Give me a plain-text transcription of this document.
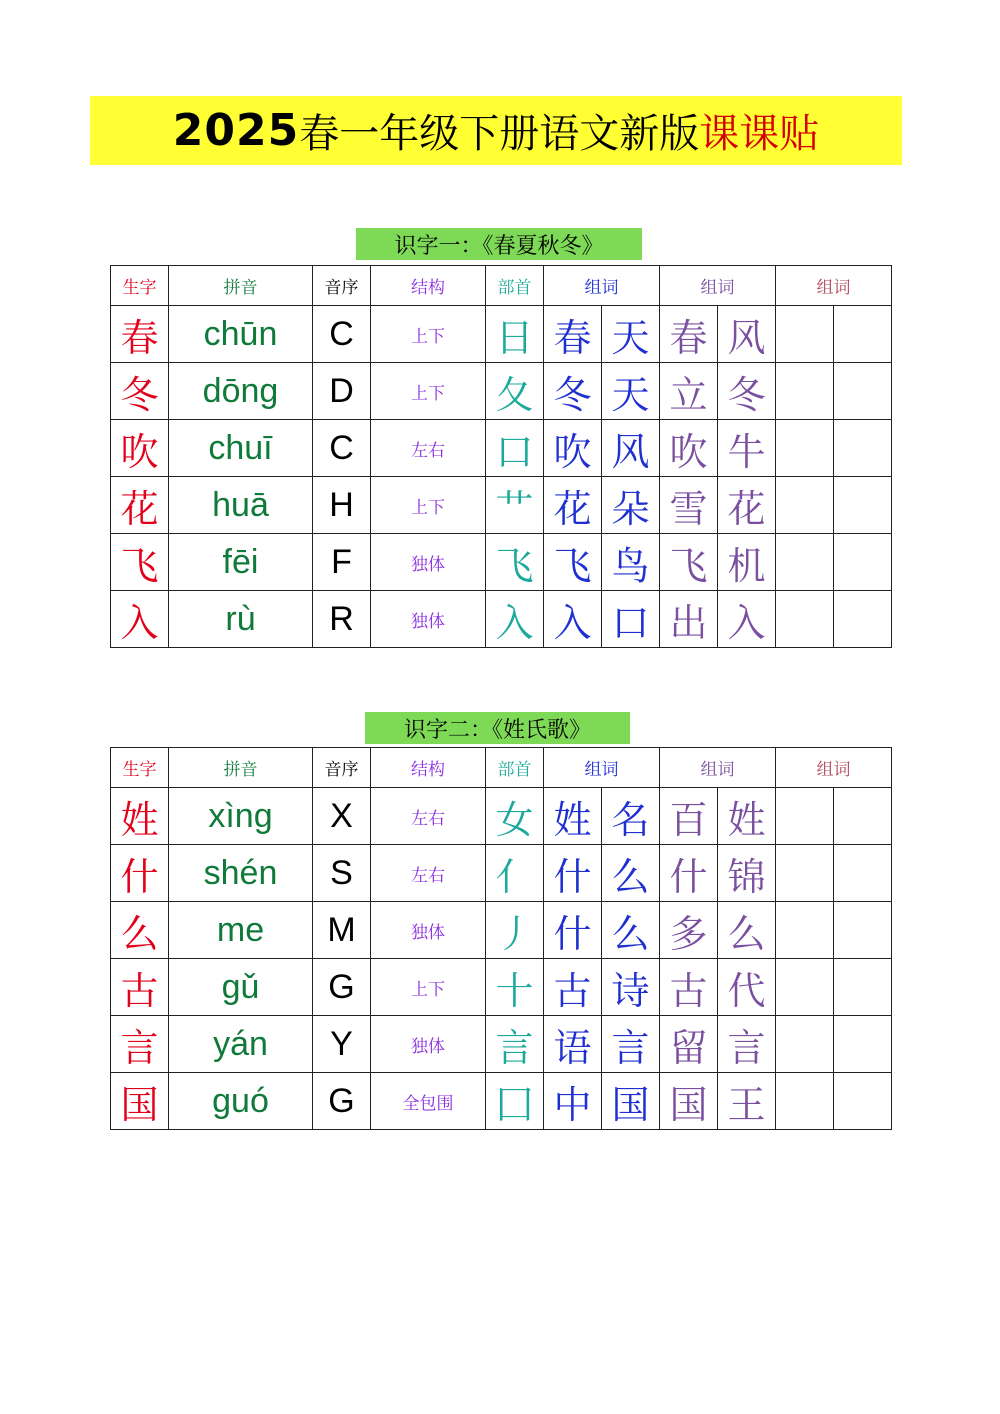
2025 春一年级下册语文新版 课课贴
识字一：《春夏秋冬》
生字	拼音	音序	结构	部首	组词		组词		组词	
春	chūn	C	上下	日	春	天	春	风		
冬	dōng	D	上下	夂	冬	天	立	冬		
吹	chuī	C	左右	口	吹	风	吹	牛		
花	huā	H	上下	艹	花	朵	雪	花		
飞	fēi	F	独体	飞	飞	鸟	飞	机		
入	rù	R	独体	入	入	口	出	入		
识字二：《姓氏歌》
生字	拼音	音序	结构	部首	组词		组词		组词	
姓	xìng	X	左右	女	姓	名	百	姓		
什	shén	S	左右	亻	什	么	什	锦		
么	me	M	独体	丿	什	么	多	么		
古	gǔ	G	上下	十	古	诗	古	代		
言	yán	Y	独体	言	语	言	留	言		
国	guó	G	全包围	囗	中	国	国	王		
